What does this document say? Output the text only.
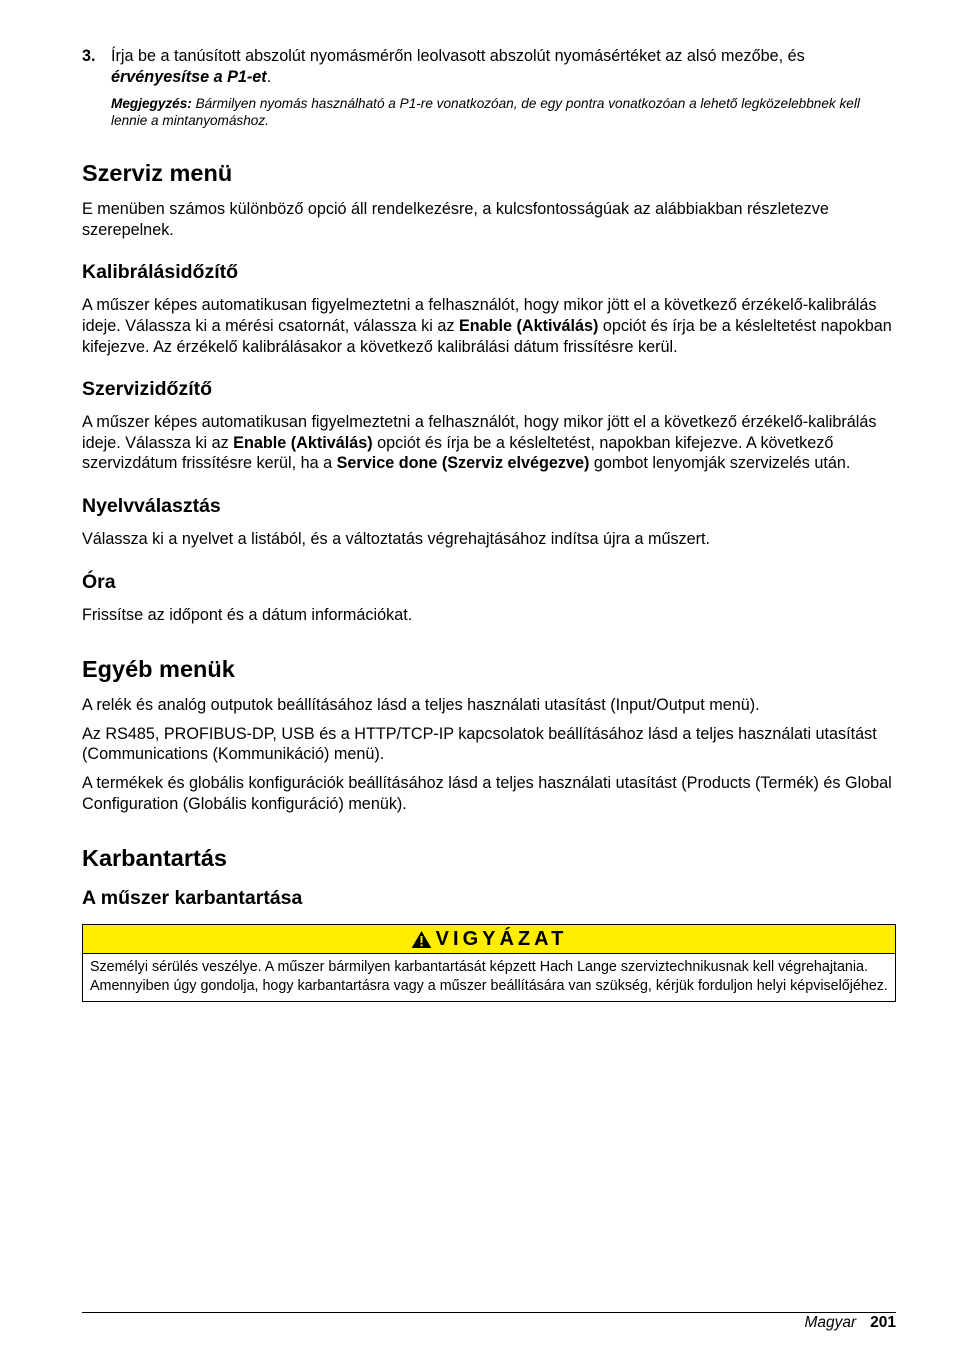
3. Írja be a tanúsított abszolút nyomásmérőn leolvasott abszolút nyomásértéket az alsó mezőbe, és érvényesítse a P1-et.

Megjegyzés: Bármilyen nyomás használható a P1-re vonatkozóan, de egy pontra vonatkozóan a lehető legközelebbnek kell lennie a mintanyomáshoz.

Szerviz menü

E menüben számos különböző opció áll rendelkezésre, a kulcsfontosságúak az alábbiakban részletezve szerepelnek.

Kalibrálásidőzítő

A műszer képes automatikusan figyelmeztetni a felhasználót, hogy mikor jött el a következő érzékelő-kalibrálás ideje. Válassza ki a mérési csatornát, válassza ki az Enable (Aktiválás) opciót és írja be a késleltetést napokban kifejezve. Az érzékelő kalibrálásakor a következő kalibrálási dátum frissítésre kerül.

Szervizidőzítő

A műszer képes automatikusan figyelmeztetni a felhasználót, hogy mikor jött el a következő érzékelő-kalibrálás ideje. Válassza ki az Enable (Aktiválás) opciót és írja be a késleltetést, napokban kifejezve. A következő szervizdátum frissítésre kerül, ha a Service done (Szerviz elvégezve) gombot lenyomják szervizelés után.

Nyelvválasztás

Válassza ki a nyelvet a listából, és a változtatás végrehajtásához indítsa újra a műszert.

Óra

Frissítse az időpont és a dátum információkat.

Egyéb menük

A relék és analóg outputok beállításához lásd a teljes használati utasítást (Input/Output menü).

Az RS485, PROFIBUS-DP, USB és a HTTP/TCP-IP kapcsolatok beállításához lásd a teljes használati utasítást (Communications (Kommunikáció) menü).

A termékek és globális konfigurációk beállításához lásd a teljes használati utasítást (Products (Termék) és Global Configuration (Globális konfiguráció) menük).

Karbantartás
A műszer karbantartása
VIGYÁZAT
Személyi sérülés veszélye. A műszer bármilyen karbantartását képzett Hach Lange szerviztechnikusnak kell végrehajtania. Amennyiben úgy gondolja, hogy karbantartásra vagy a műszer beállítására van szükség, kérjük forduljon helyi képviselőjéhez.
Magyar 201
